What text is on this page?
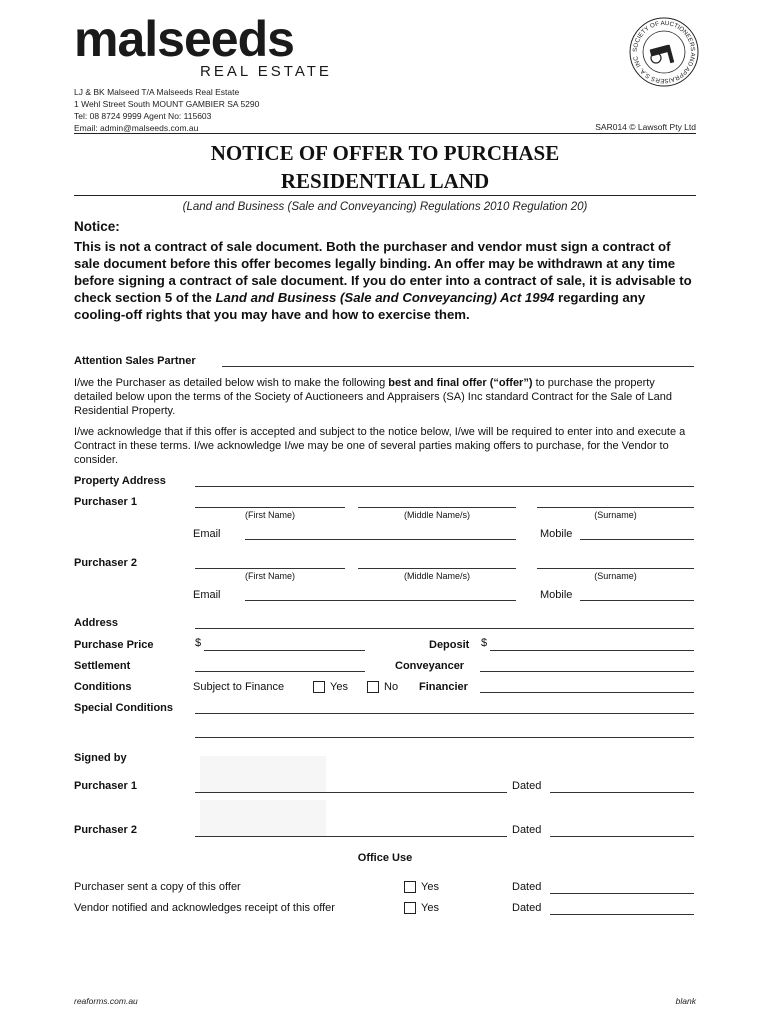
malseeds
REAL ESTATE
LJ & BK Malseed T/A Malseeds Real Estate
1 Wehl Street South MOUNT GAMBIER SA 5290
Tel: 08 8724 9999 Agent No: 115603
Email: admin@malseeds.com.au
SOCIETY OF AUCTIONEERS AND APPRAISERS S.A. INC
SAR014 © Lawsoft Pty Ltd
NOTICE OF OFFER TO PURCHASE
RESIDENTIAL LAND
(Land and Business (Sale and Conveyancing) Regulations 2010 Regulation 20)
Notice:
This is not a contract of sale document. Both the purchaser and vendor must sign a contract of sale document before this offer becomes legally binding. An offer may be withdrawn at any time before signing a contract of sale document. If you do enter into a contract of sale, it is advisable to check section 5 of the Land and Business (Sale and Conveyancing) Act 1994 regarding any cooling-off rights that you may have and how to exercise them.
Attention Sales Partner
I/we the Purchaser as detailed below wish to make the following best and final offer (“offer”) to purchase the property detailed below upon the terms of the Society of Auctioneers and Appraisers (SA) Inc standard Contract for the Sale of Land Residential Property.
I/we acknowledge that if this offer is accepted and subject to the notice below, I/we will be required to enter into and execute a Contract in these terms. I/we acknowledge I/we may be one of several parties making offers to purchase, for the Vendor to consider.
Property Address
Purchaser 1
(First Name)	(Middle Name/s)	(Surname)
Email	Mobile
Purchaser 2
(First Name)	(Middle Name/s)	(Surname)
Email	Mobile
Address
Purchase Price	$	Deposit $
Settlement	Conveyancer
Conditions	Subject to Finance	Yes	No Financier
Special Conditions
Signed by
Purchaser 1	Dated
Purchaser 2	Dated
Office Use
Purchaser sent a copy of this offer	Yes	Dated
Vendor notified and acknowledges receipt of this offer	Yes	Dated
reaforms.com.au	blank
